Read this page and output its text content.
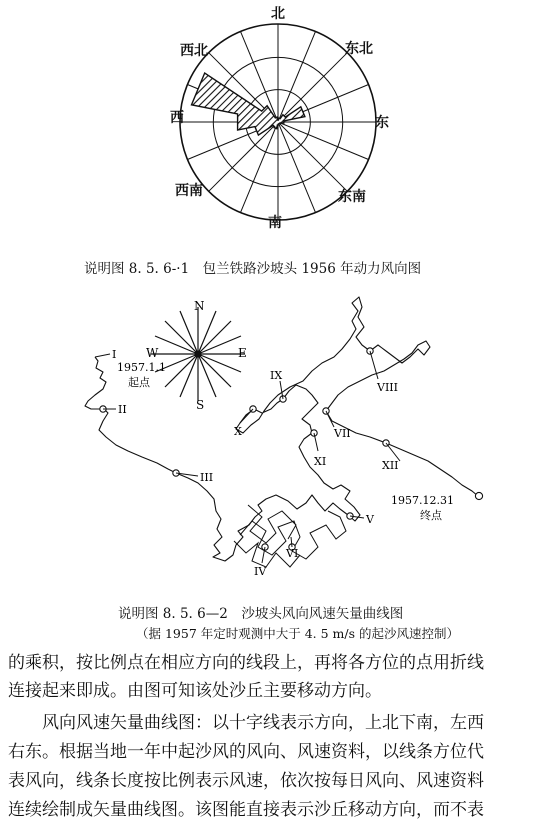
北
东北
东
东南
南
西南
西
西北
说明图 8. 5. 6-·1　包兰铁路沙坡头 1956 年动力风向图
N
S
W	E
I
II
III
IV
V
VI
VII
VIII
IX
X
XI	XII
1957.1.1
起点
1957.12.31
终点
说明图 8. 5. 6—2　沙坡头风向风速矢量曲线图
（据 1957 年定时观测中大于 4. 5 m/s 的起沙风速控制）
的乘积，按比例点在相应方向的线段上，再将各方位的点用折线
连接起来即成。由图可知该处沙丘主要移动方向。
　　风向风速矢量曲线图：以十字线表示方向，上北下南，左西
右东。根据当地一年中起沙风的风向、风速资料，以线条方位代
表风向，线条长度按比例表示风速，依次按每日风向、风速资料
连续绘制成矢量曲线图。该图能直接表示沙丘移动方向，而不表
